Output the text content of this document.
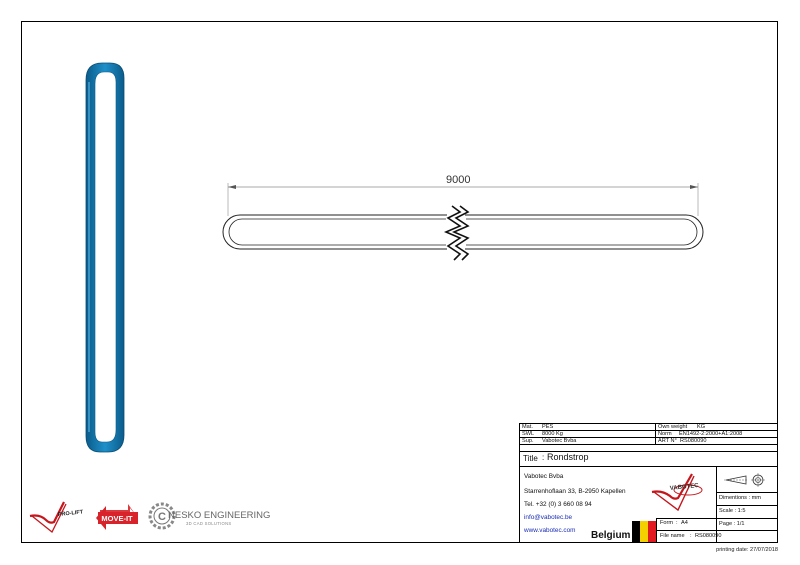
9000
Mat. PES	Own weight KG
SWL 8000 Kg	Norm EN1492-2:2000+A1:2008
Sup. Vabotec Bvba	ART N° RS080090
Title : Rondstrop
Vabotec Bvba
Starrenhoflaan 33, B-2950 Kapellen
Tel. +32 (0) 3 660 08 94
info@vabotec.be
www.vabotec.com Belgium
VABOTEC
Dimentions : mm
Scale : 1:5
Page : 1/1
Form : A4
File name : RS080090
PRO-LIFT
MOVE-IT C NESKO ENGINEERING
3D CAD SOLUTIONS
printing date: 27/07/2018
